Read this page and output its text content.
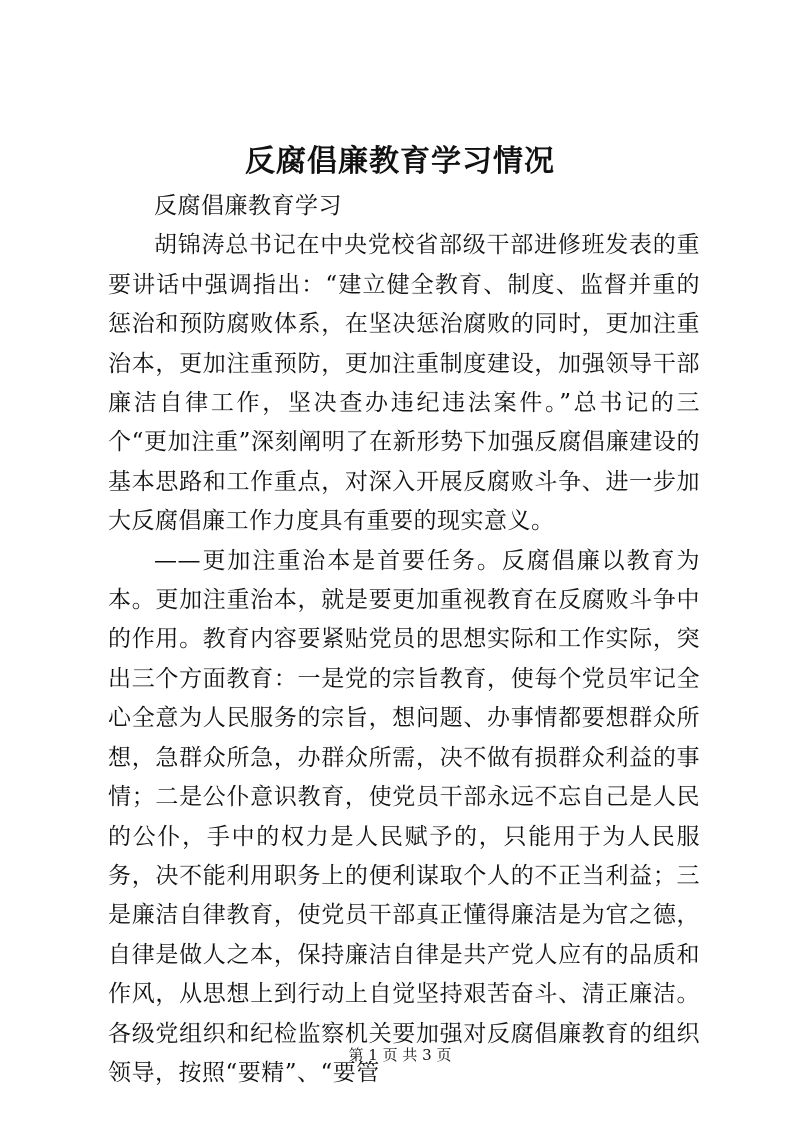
反腐倡廉教育学习情况

反腐倡廉教育学习

胡锦涛总书记在中央党校省部级干部进修班发表的重要讲话中强调指出：“建立健全教育、制度、监督并重的惩治和预防腐败体系，在坚决惩治腐败的同时，更加注重治本，更加注重预防，更加注重制度建设，加强领导干部廉洁自律工作，坚决查办违纪违法案件。”总书记的三个“更加注重”深刻阐明了在新形势下加强反腐倡廉建设的基本思路和工作重点，对深入开展反腐败斗争、进一步加大反腐倡廉工作力度具有重要的现实意义。

——更加注重治本是首要任务。反腐倡廉以教育为本。更加注重治本，就是要更加重视教育在反腐败斗争中的作用。教育内容要紧贴党员的思想实际和工作实际，突出三个方面教育：一是党的宗旨教育，使每个党员牢记全心全意为人民服务的宗旨，想问题、办事情都要想群众所想，急群众所急，办群众所需，决不做有损群众利益的事情；二是公仆意识教育，使党员干部永远不忘自己是人民的公仆，手中的权力是人民赋予的，只能用于为人民服务，决不能利用职务上的便利谋取个人的不正当利益；三是廉洁自律教育，使党员干部真正懂得廉洁是为官之德，自律是做人之本，保持廉洁自律是共产党人应有的品质和作风，从思想上到行动上自觉坚持艰苦奋斗、清正廉洁。各级党组织和纪检监察机关要加强对反腐倡廉教育的组织领导，按照“要精”、“要管

第 1 页 共 3 页
